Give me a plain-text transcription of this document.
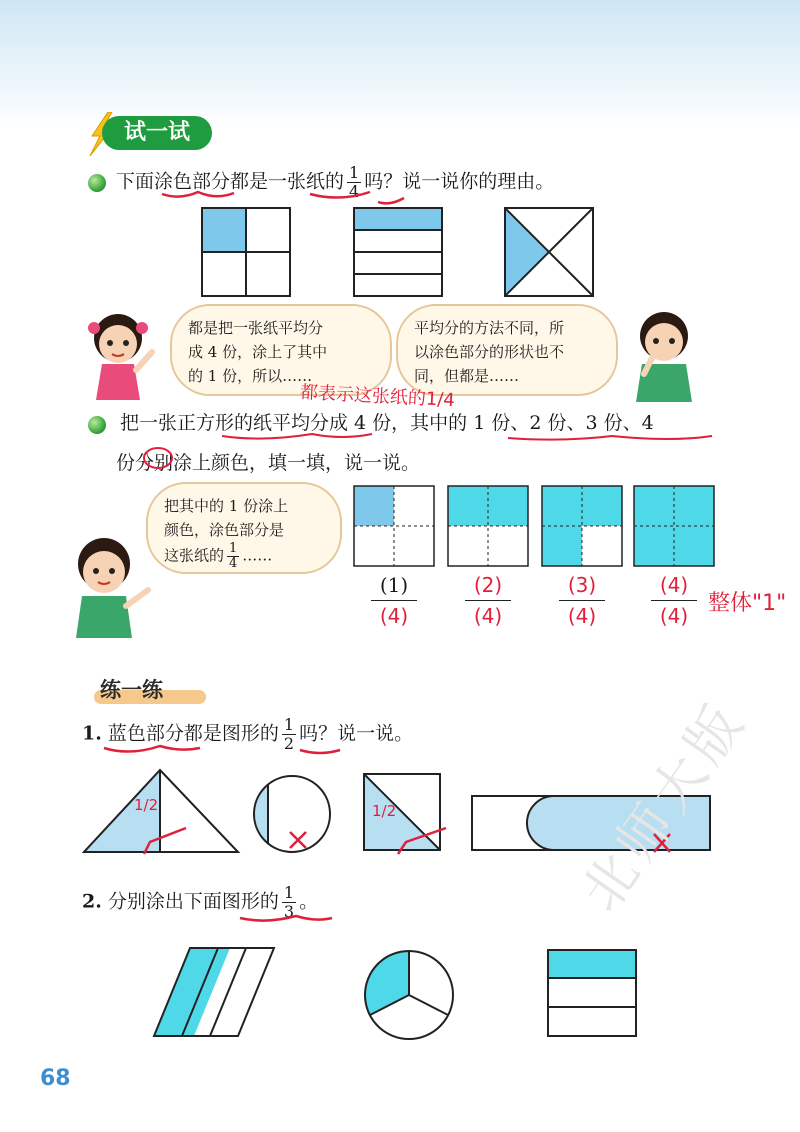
试一试
下面涂色部分都是一张纸的 $\frac{1}{4}$ 吗？说一说你的理由。
都是把一张纸平均分
成 4 份，涂上了其中
的 1 份，所以……
平均分的方法不同，所
以涂色部分的形状也不
同，但都是……
都表示这张纸的1/4
把一张正方形的纸平均分成 4 份，其中的 1 份、2 份、3 份、4
份分别涂上颜色，填一填，说一说。
把其中的 1 份涂上
颜色，涂色部分是
这张纸的 $\frac{1}{4}$ ……
(1)
(4)
(2)
(4)
(3)
(4)
(4)
(4) 整体"1"
练一练
1. 蓝色部分都是图形的 $\frac{1}{2}$ 吗？说一说。
1/2	1/2
2. 分别涂出下面图形的 $\frac{1}{3}$ 。	北师大版
68
